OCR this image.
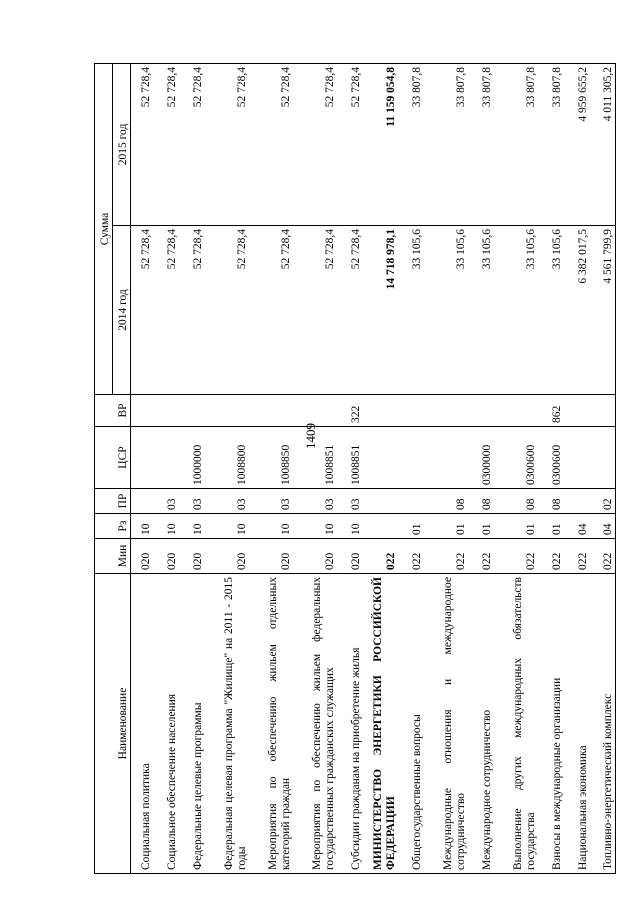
1409
Наименование	Мин	Рз	ПР	ЦСР	ВР	Сумма	
						2014 год	2015 год
Социальная политика	020	10				52 728,4	52 728,4
Социальное обеспечение населения	020	10	03			52 728,4	52 728,4
Федеральные целевые программы	020	10	03	1000000		52 728,4	52 728,4
Федеральная целевая программа "Жилище" на 2011 - 2015 годы	020	10	03	1008800		52 728,4	52 728,4
Мероприятия по обеспечению жильем отдельных категорий граждан	020	10	03	1008850		52 728,4	52 728,4
Мероприятия по обеспечению жильем федеральных государственных гражданских служащих	020	10	03	1008851		52 728,4	52 728,4
Субсидии гражданам на приобретение жилья	020	10	03	1008851	322	52 728,4	52 728,4
МИНИСТЕРСТВО ЭНЕРГЕТИКИ РОССИЙСКОЙ ФЕДЕРАЦИИ	022					14 718 978,1	11 159 054,8
Общегосударственные вопросы	022	01				33 105,6	33 807,8
Международные отношения и международное сотрудничество	022	01	08			33 105,6	33 807,8
Международное сотрудничество	022	01	08	0300000		33 105,6	33 807,8
Выполнение других международных обязательств государства	022	01	08	0300600		33 105,6	33 807,8
Взносы в международные организации	022	01	08	0300600	862	33 105,6	33 807,8
Национальная экономика	022	04				6 382 017,5	4 959 655,2
Топливно-энергетический комплекс	022	04	02			4 561 799,9	4 011 305,2
